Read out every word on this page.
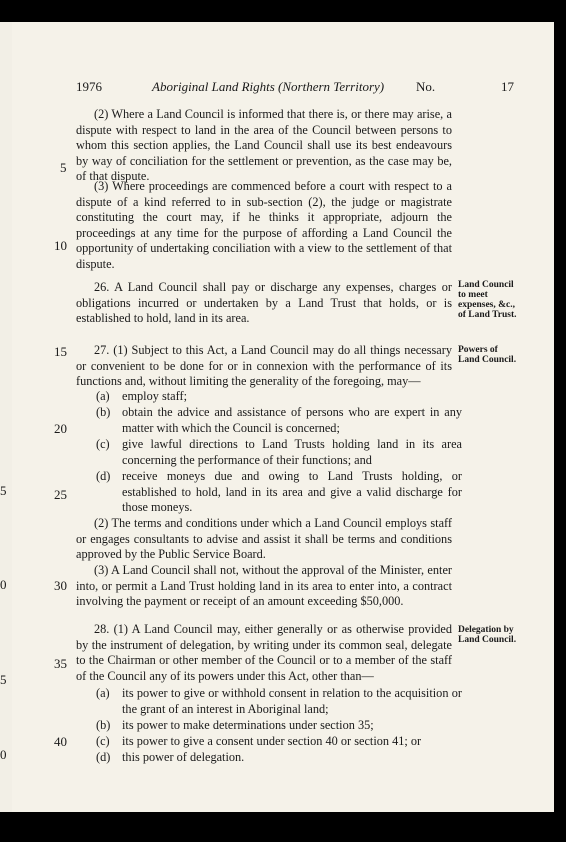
5
0
5
0
1976	Aboriginal Land Rights (Northern Territory) No.	17
(2) Where a Land Council is informed that there is, or there may arise, a dispute with respect to land in the area of the Council between persons to whom this section applies, the Land Council shall use its best endeavours by way of conciliation for the settlement or prevention, as the case may be, of that dispute.
(3) Where proceedings are commenced before a court with respect to a dispute of a kind referred to in sub-section (2), the judge or magistrate constituting the court may, if he thinks it appropriate, adjourn the proceedings at any time for the purpose of affording a Land Council the opportunity of undertaking conciliation with a view to the settlement of that dispute.
26. A Land Council shall pay or discharge any expenses, charges or obligations incurred or undertaken by a Land Trust that holds, or is established to hold, land in its area.
Land Council to meet expenses, &c., of Land Trust.
27. (1) Subject to this Act, a Land Council may do all things necessary or convenient to be done for or in connexion with the performance of its functions and, without limiting the generality of the foregoing, may—
Powers of Land Council.
(a) employ staff;
(b) obtain the advice and assistance of persons who are expert in any matter with which the Council is concerned;
(c) give lawful directions to Land Trusts holding land in its area concerning the performance of their functions; and
(d) receive moneys due and owing to Land Trusts holding, or established to hold, land in its area and give a valid discharge for those moneys.
(2) The terms and conditions under which a Land Council employs staff or engages consultants to advise and assist it shall be terms and conditions approved by the Public Service Board.
(3) A Land Council shall not, without the approval of the Minister, enter into, or permit a Land Trust holding land in its area to enter into, a contract involving the payment or receipt of an amount exceeding $50,000.
28. (1) A Land Council may, either generally or as otherwise provided by the instrument of delegation, by writing under its common seal, delegate to the Chairman or other member of the Council or to a member of the staff of the Council any of its powers under this Act, other than—
Delegation by Land Council.
(a) its power to give or withhold consent in relation to the acquisition or the grant of an interest in Aboriginal land;
(b) its power to make determinations under section 35;
(c) its power to give a consent under section 40 or section 41; or
(d) this power of delegation.
5
10
15
20
25
30
35
40
